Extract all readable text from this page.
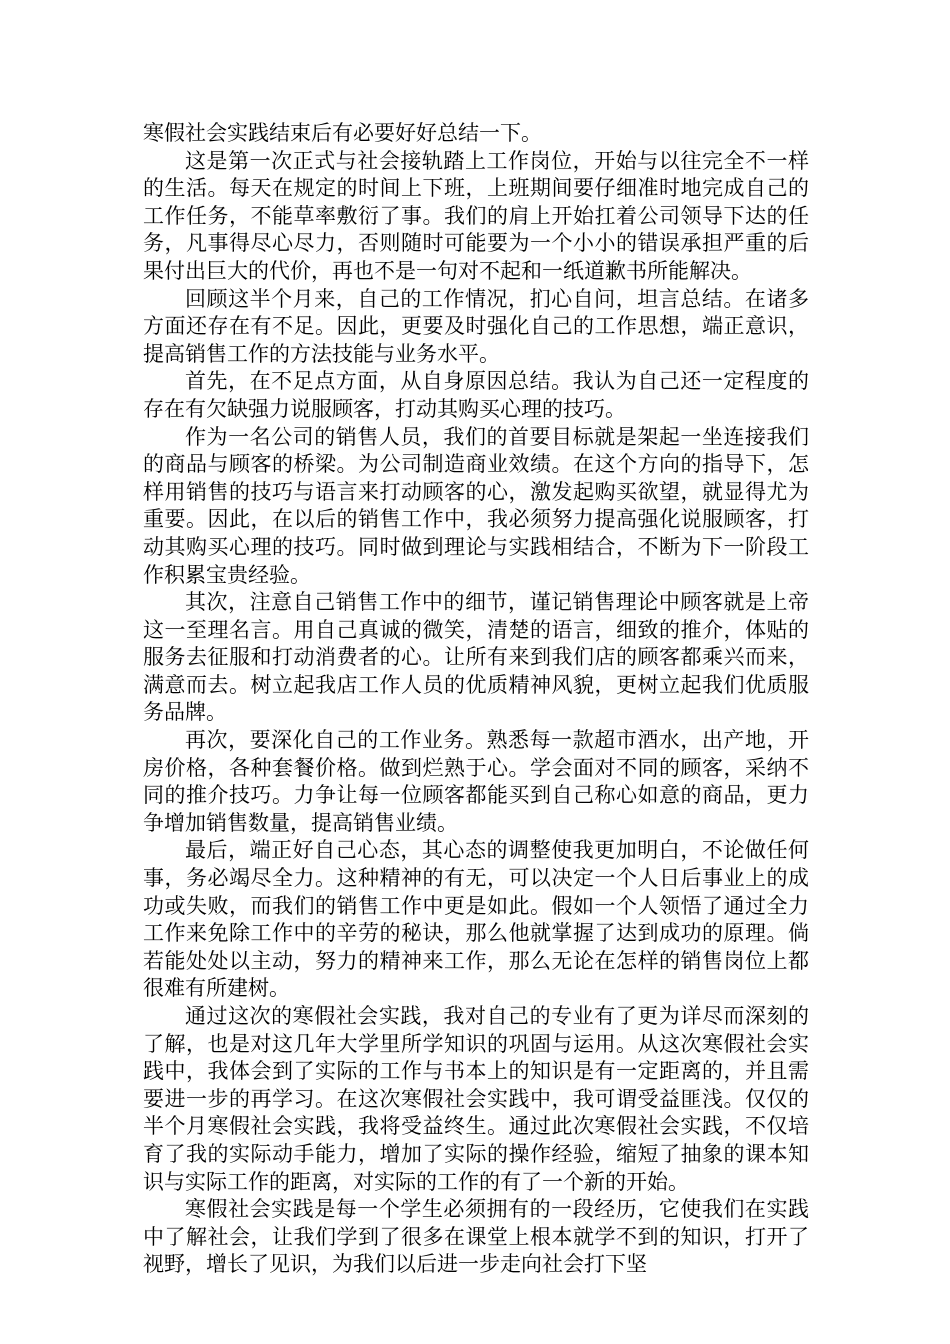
寒假社会实践结束后有必要好好总结一下。

这是第一次正式与社会接轨踏上工作岗位，开始与以往完全不一样的生活。每天在规定的时间上下班，上班期间要仔细准时地完成自己的工作任务，不能草率敷衍了事。我们的肩上开始扛着公司领导下达的任务，凡事得尽心尽力，否则随时可能要为一个小小的错误承担严重的后果付出巨大的代价，再也不是一句对不起和一纸道歉书所能解决。

回顾这半个月来，自己的工作情况，扪心自问，坦言总结。在诸多方面还存在有不足。因此，更要及时强化自己的工作思想，端正意识，提高销售工作的方法技能与业务水平。

首先，在不足点方面，从自身原因总结。我认为自己还一定程度的存在有欠缺强力说服顾客，打动其购买心理的技巧。

作为一名公司的销售人员，我们的首要目标就是架起一坐连接我们的商品与顾客的桥梁。为公司制造商业效绩。在这个方向的指导下，怎样用销售的技巧与语言来打动顾客的心，激发起购买欲望，就显得尤为重要。因此，在以后的销售工作中，我必须努力提高强化说服顾客，打动其购买心理的技巧。同时做到理论与实践相结合，不断为下一阶段工作积累宝贵经验。

其次，注意自己销售工作中的细节，谨记销售理论中顾客就是上帝这一至理名言。用自己真诚的微笑，清楚的语言，细致的推介，体贴的服务去征服和打动消费者的心。让所有来到我们店的顾客都乘兴而来，满意而去。树立起我店工作人员的优质精神风貌，更树立起我们优质服务品牌。

再次，要深化自己的工作业务。熟悉每一款超市酒水，出产地，开房价格，各种套餐价格。做到烂熟于心。学会面对不同的顾客，采纳不同的推介技巧。力争让每一位顾客都能买到自己称心如意的商品，更力争增加销售数量，提高销售业绩。

最后，端正好自己心态，其心态的调整使我更加明白，不论做任何事，务必竭尽全力。这种精神的有无，可以决定一个人日后事业上的成功或失败，而我们的销售工作中更是如此。假如一个人领悟了通过全力工作来免除工作中的辛劳的秘诀，那么他就掌握了达到成功的原理。倘若能处处以主动，努力的精神来工作，那么无论在怎样的销售岗位上都很难有所建树。

通过这次的寒假社会实践，我对自己的专业有了更为详尽而深刻的了解，也是对这几年大学里所学知识的巩固与运用。从这次寒假社会实践中，我体会到了实际的工作与书本上的知识是有一定距离的，并且需要进一步的再学习。在这次寒假社会实践中，我可谓受益匪浅。仅仅的半个月寒假社会实践，我将受益终生。通过此次寒假社会实践，不仅培育了我的实际动手能力，增加了实际的操作经验，缩短了抽象的课本知识与实际工作的距离，对实际的工作的有了一个新的开始。

寒假社会实践是每一个学生必须拥有的一段经历，它使我们在实践中了解社会，让我们学到了很多在课堂上根本就学不到的知识，打开了视野，增长了见识，为我们以后进一步走向社会打下坚
